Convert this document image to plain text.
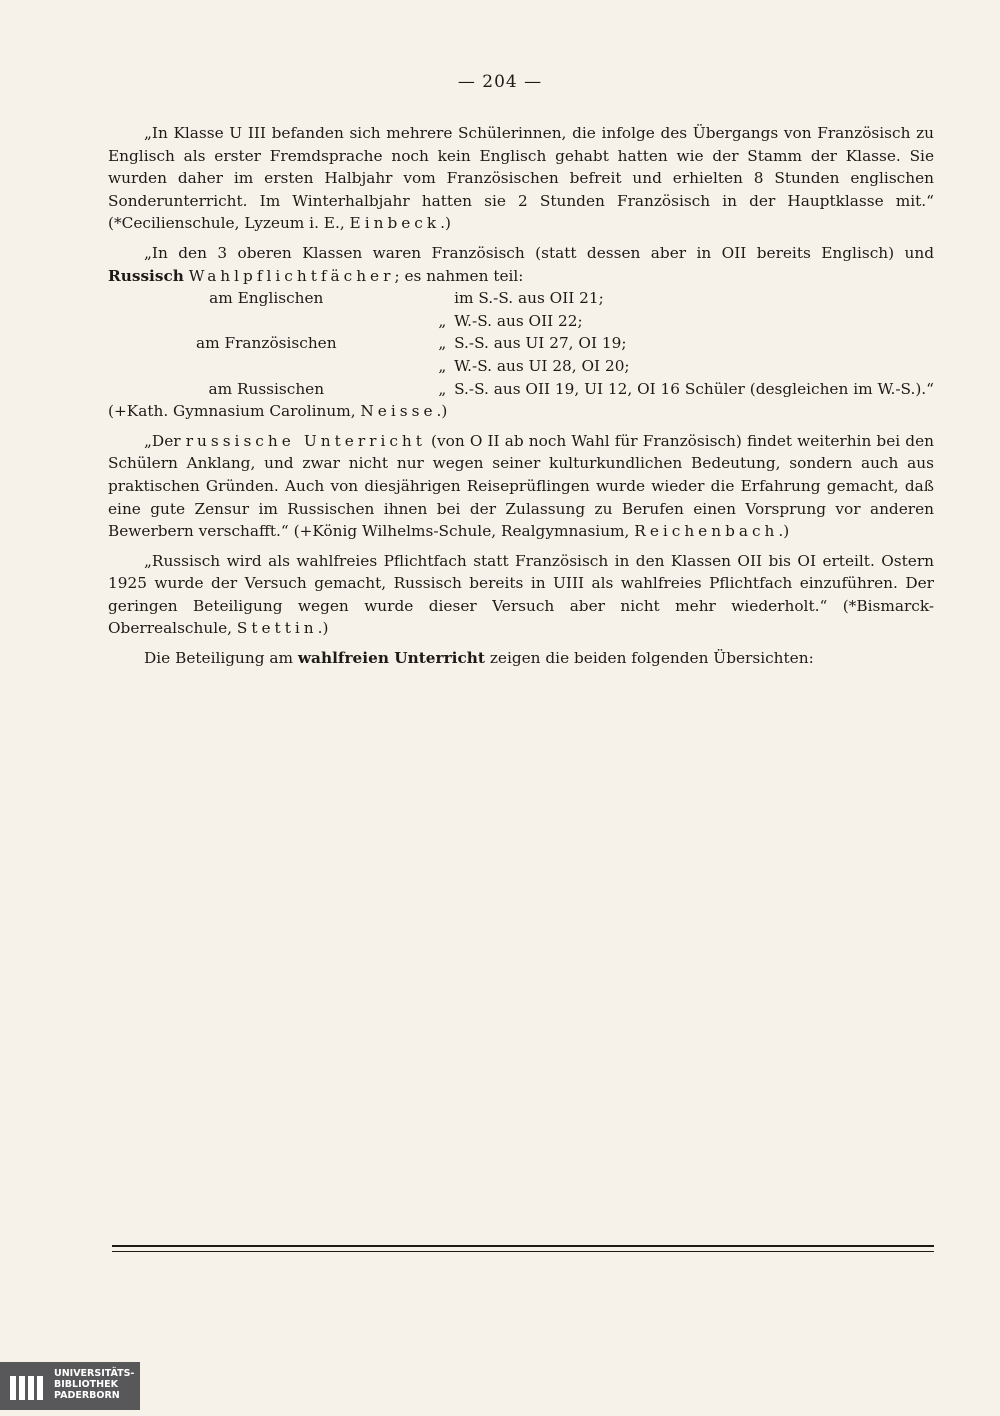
— 204 —

„In Klasse U III befanden sich mehrere Schülerinnen, die infolge des Übergangs von Französisch zu Englisch als erster Fremdsprache noch kein Englisch gehabt hatten wie der Stamm der Klasse. Sie wurden daher im ersten Halbjahr vom Französischen befreit und erhielten 8 Stunden englischen Sonderunterricht. Im Winterhalbjahr hatten sie 2 Stunden Französisch in der Hauptklasse mit.“ (*Cecilienschule, Lyzeum i. E., Einbeck.)

„In den 3 oberen Klassen waren Französisch (statt dessen aber in OII bereits Englisch) und Russisch Wahlpflichtfächer; es nahmen teil:

am Englischen		im S.-S. aus OII 21;
	„	W.-S. aus OII 22;
am Französischen	„	S.-S. aus UI 27, OI 19;
	„	W.-S. aus UI 28, OI 20;
am Russischen	„	S.-S. aus OII 19, UI 12, OI 16 Schüler (desgleichen im W.-S.).“

(+Kath. Gymnasium Carolinum, Neisse.)

„Der russische Unterricht (von O II ab noch Wahl für Französisch) findet weiterhin bei den Schülern Anklang, und zwar nicht nur wegen seiner kulturkundlichen Bedeutung, sondern auch aus praktischen Gründen. Auch von diesjährigen Reiseprüflingen wurde wieder die Erfahrung gemacht, daß eine gute Zensur im Russischen ihnen bei der Zulassung zu Berufen einen Vorsprung vor anderen Bewerbern verschafft.“ (+König Wilhelms-Schule, Realgymnasium, Reichenbach.)

„Russisch wird als wahlfreies Pflichtfach statt Französisch in den Klassen OII bis OI erteilt. Ostern 1925 wurde der Versuch gemacht, Russisch bereits in UIII als wahlfreies Pflichtfach einzuführen. Der geringen Beteiligung wegen wurde dieser Versuch aber nicht mehr wiederholt.“ (*Bismarck-Oberrealschule, Stettin.)

Die Beteiligung am wahlfreien Unterricht zeigen die beiden folgenden Übersichten:

UNIVERSITÄTS-
BIBLIOTHEK
PADERBORN
